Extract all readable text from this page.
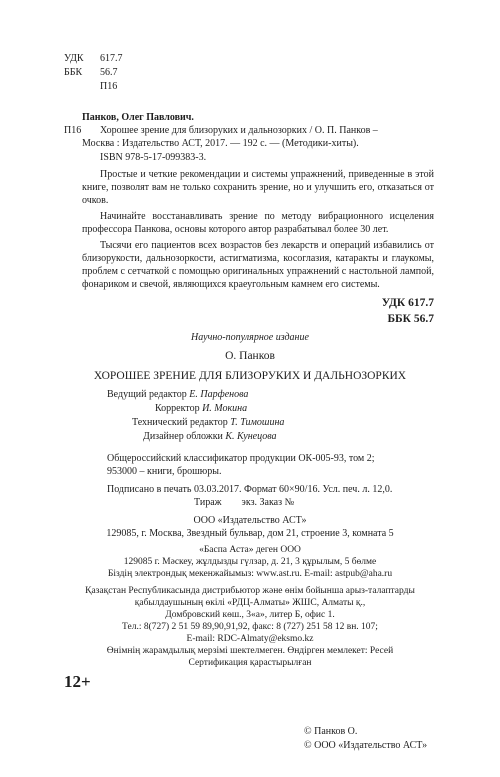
УДК 617.7
ББК 56.7
П16
Панков, Олег Павлович.
П16 Хорошее зрение для близоруких и дальнозорких / О. П. Панков –
Москва : Издательство АСТ, 2017. — 192 с. — (Методики-хиты).
ISBN 978-5-17-099383-3.
Простые и четкие рекомендации и системы упражнений, приведенные в этой книге, позволят вам не только сохранить зрение, но и улучшить его, отказаться от очков.
Начинайте восстанавливать зрение по методу вибрационного исцеления профессора Панкова, основы которого автор разрабатывал более 30 лет.
Тысячи его пациентов всех возрастов без лекарств и операций избавились от близорукости, дальнозоркости, астигматизма, косоглазия, катаракты и глаукомы, проблем с сетчаткой с помощью оригинальных упражнений с настольной лампой, фонариком и свечой, являющихся краеугольным камнем его системы.
УДК 617.7
ББК 56.7
Научно-популярное издание
О. Панков
ХОРОШЕЕ ЗРЕНИЕ ДЛЯ БЛИЗОРУКИХ И ДАЛЬНОЗОРКИХ
Ведущий редактор Е. Парфенова
Корректор И. Мокина
Технический редактор Т. Тимошина
Дизайнер обложки К. Кунецова
Общероссийский классификатор продукции ОК-005-93, том 2;
953000 – книги, брошюры.
Подписано в печать 03.03.2017. Формат 60×90/16. Усл. печ. л. 12,0.
Тираж        экз. Заказ №
ООО «Издательство АСТ»
129085, г. Москва, Звездный бульвар, дом 21, строение 3, комната 5
«Баспа Аста» деген ООО
129085 г. Мәскеу, жұлдызды гүлзар, д. 21, 3 құрылым, 5 бөлме
Біздің электрондық мекенжайымыз: www.ast.ru. E-mail: astpub@aha.ru
Қазақстан Республикасында дистрибьютор және өнім бойынша арыз-талаптарды
қабылдаушының өкілі «РДЦ-Алматы» ЖШС, Алматы қ.,
Домбровский көш., 3«а», литер Б, офис 1.
Тел.: 8(727) 2 51 59 89,90,91,92, факс: 8 (727) 251 58 12 вн. 107;
E-mail: RDC-Almaty@eksmo.kz
Өнімнің жарамдылық мерзімі шектелмеген. Өндірген мемлекет: Ресей
Сертификация қарастырылған
12+
© Панков О.
© ООО «Издательство АСТ»
